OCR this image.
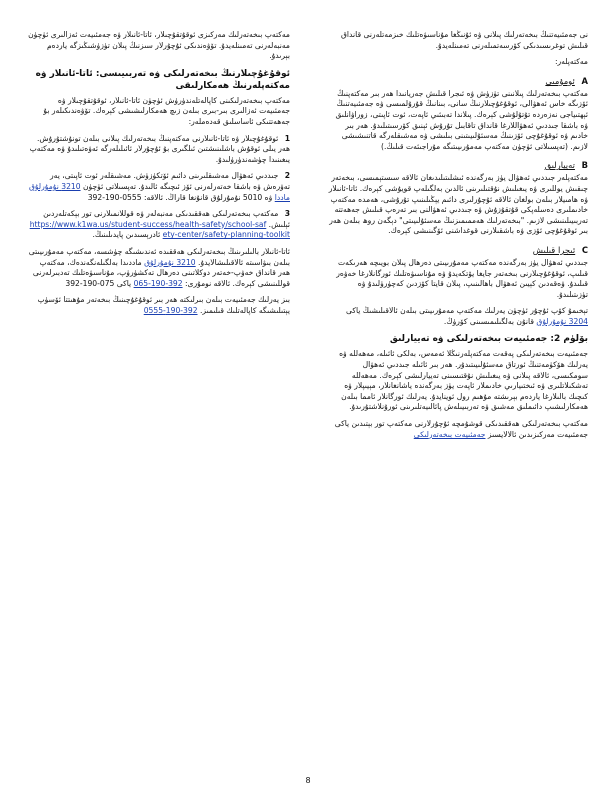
نى جەمئىيەتنىڭ بىخەتەرلىك پىلانى ۋە ئۇنىڭغا مۇناسىۋەتلىك خىزمەتلەرنى قانداق قىلىش توغرىسىدىكى كۆرسەتمىلەرنى تەمىنلەيدۇ.

مەكتەپلەر:

A ئومۇمىي

مەكتەپ بىخەتەرلىك پىلانىنى تۈزۈش ۋە ئىجرا قىلىش جەريانىدا ھەر بىر مەكتەپنىڭ ئۆزىگە خاس ئەھۋالى، ئوقۇغۇچىلارنىڭ سانى، بىنانىڭ قۇرۇلمىسى ۋە جەمئىيەتنىڭ ئېھتىياجى نەزەردە تۇتۇلۇشى كېرەك. پىلاندا تەبىئىي ئاپەت، ئوت ئاپىتى، زوراۋانلىق ۋە باشقا جىددىي ئەھۋاللارغا قانداق تاقابىل تۇرۇش ئېنىق كۆرسىتىلىدۇ. ھەر بىر خادىم ۋە ئوقۇغۇچى ئۆزىنىڭ مەسئۇلىيىتىنى بىلىشى ۋە مەشىقلەرگە قاتنىشىشى لازىم. (تەپسىلاتى ئۈچۈن مەكتەپ مەمۇرىيىتىگە مۇراجىئەت قىلىڭ.)

B تەييارلىق

مەكتەپلەر جىددىي ئەھۋال يۈز بەرگەندە ئىشلىتىلىدىغان ئالاقە سىستېمىسى، بىخەتەر چىقىش يوللىرى ۋە يىغىلىش نۇقتىلىرىنى ئالدىن بەلگىلەپ قويۇشى كېرەك. ئاتا-ئانىلار ۋە ھامىيلار بىلەن بولغان ئالاقە ئۇچۇرلىرى دائىم يېڭىلىنىپ تۇرۇشى، ھەمدە مەكتەپ خادىملىرى دەسلەپكى قۇتقۇزۇش ۋە جىددىي ئەھۋالنى بىر تەرەپ قىلىش جەھەتتە تەربىيىلىنىشى لازىم. "بىخەتەرلىك ھەممىمىزنىڭ مەسئۇلىيىتى" دېگەن روھ بىلەن ھەر بىر ئوقۇغۇچى ئۆزى ۋە باشقىلارنى قوغداشنى ئۆگىنىشى كېرەك.

C ئىجرا قىلىش

جىددىي ئەھۋال يۈز بەرگەندە مەكتەپ مەمۇرىيىتى دەرھال پىلان بويىچە ھەرىكەت قىلىپ، ئوقۇغۇچىلارنى بىخەتەر جايغا يۆتكەيدۇ ۋە مۇناسىۋەتلىك ئورگانلارغا خەۋەر قىلىدۇ. ۋەقەدىن كېيىن ئەھۋال باھالىنىپ، پىلان قايتا كۆزدىن كەچۈرۈلىدۇ ۋە تۈزىتىلىدۇ.

تېخىمۇ كۆپ ئۇچۇر ئۈچۈن يەرلىك مەكتەپ مەمۇرىيىتى بىلەن ئالاقىلىشىڭ ياكى 3204 نۇمۇرلۇق قانۇن بەلگىلىمىسىنى كۆرۈڭ.

بۆلۈم 2: جەمئىيەت بىخەتەرلىكى ۋە تەييارلىق

جەمئىيەت بىخەتەرلىكى پەقەت مەكتەپلەرنىڭلا ئەمەس، بەلكى ئائىلە، مەھەللە ۋە يەرلىك ھۆكۈمەتنىڭ ئورتاق مەسئۇلىيىتىدۇر. ھەر بىر ئائىلە جىددىي ئەھۋال سومكىسى، ئالاقە پىلانى ۋە يىغىلىش نۇقتىسىنى تەييارلىشى كېرەك. مەھەللە تەشكىلاتلىرى ۋە ئىختىيارىي خادىملار ئاپەت يۈز بەرگەندە ياشانغانلار، مېيىپلار ۋە كىچىك بالىلارغا ياردەم بېرىشتە مۇھىم رول ئوينايدۇ. يەرلىك ئورگانلار ئامما بىلەن ھەمكارلىشىپ دائىملىق مەشىق ۋە تەربىيىلەش پائالىيەتلىرىنى ئورۇنلاشتۇرىدۇ.

مەكتەپ بىخەتەرلىكى ھەققىدىكى قوشۇمچە ئۇچۇرلارنى مەكتەپ تور بېتىدىن ياكى جەمئىيەت مەركىزىدىن ئالالايسىز جەمئىيەت بىخەتەرلىكى

مەكتەپ بىخەتەرلىك مەركىزى ئوقۇتقۇچىلار، ئاتا-ئانىلار ۋە جەمئىيەت ئەزالىرى ئۈچۈن مەنبەلەرنى تەمىنلەيدۇ. تۆۋەندىكى ئۇچۇرلار سىزنىڭ پىلان تۈزۈشىڭىزگە ياردەم بېرىدۇ.

ئوقۇغۇچىلارنىڭ بىخەتەرلىكى ۋە تەربىيىسى: ئاتا-ئانىلار ۋە مەكتەپلەرنىڭ ھەمكارلىقى

مەكتەپ بىخەتەرلىكىنى كاپالەتلەندۈرۈش ئۈچۈن ئاتا-ئانىلار، ئوقۇتقۇچىلار ۋە جەمئىيەت ئەزالىرى بىر-بىرى بىلەن زىچ ھەمكارلىشىشى كېرەك. تۆۋەندىكىلەر بۇ جەھەتتىكى ئاساسلىق قەدەملەر:

1 ئوقۇغۇچىلار ۋە ئاتا-ئانىلارنى مەكتەپنىڭ بىخەتەرلىك پىلانى بىلەن تونۇشتۇرۇش. ھەر يىلى ئوقۇش باشلىنىشتىن ئىلگىرى بۇ ئۇچۇرلار ئائىلىلەرگە ئەۋەتىلىدۇ ۋە مەكتەپ يىغىنىدا چۈشەندۈرۈلىدۇ.
2 جىددىي ئەھۋال مەشىقلىرىنى دائىم ئۆتكۈزۈش. مەشىقلەر ئوت ئاپىتى، يەر تەۋرەش ۋە باشقا خەتەرلەرنى ئۆز ئىچىگە ئالىدۇ. تەپسىلاتى ئۈچۈن 3210 نۇمۇرلۇق ماددا ۋە 5010 نۇمۇرلۇق قانۇنغا قاراڭ. ئالاقە: 0555-190-392
3 مەكتەپ بىخەتەرلىكى ھەققىدىكى مەنبەلەر ۋە قوللانمىلارنى تور بېكەتلەردىن ئېلىش. https://www.k1wa.us/student-success/health-safety/school-safety-center/safety-planning-toolkit ئادرېسىدىن پايدىلىنىڭ.

ئاتا-ئانىلار بالىلىرىنىڭ بىخەتەرلىكى ھەققىدە ئەندىشىگە چۈشسە، مەكتەپ مەمۇرىيىتى بىلەن بىۋاسىتە ئالاقىلىشالايدۇ. 3210 نۇمۇرلۇق ماددىدا بەلگىلەنگەندەك، مەكتەپ ھەر قانداق خەۋپ-خەتەر دوكلاتىنى دەرھال تەكشۈرۈپ، مۇناسىۋەتلىك تەدبىرلەرنى قوللىنىشى كېرەك. ئالاقە نومۇرى: 392-190-065 ياكى 075-190-392

بىز يەرلىك جەمئىيەت بىلەن بىرلىكتە ھەر بىر ئوقۇغۇچىنىڭ بىخەتەر مۇھىتتا ئۆسۈپ يېتىلىشىگە كاپالەتلىك قىلىمىز. 392-190-0555

8
